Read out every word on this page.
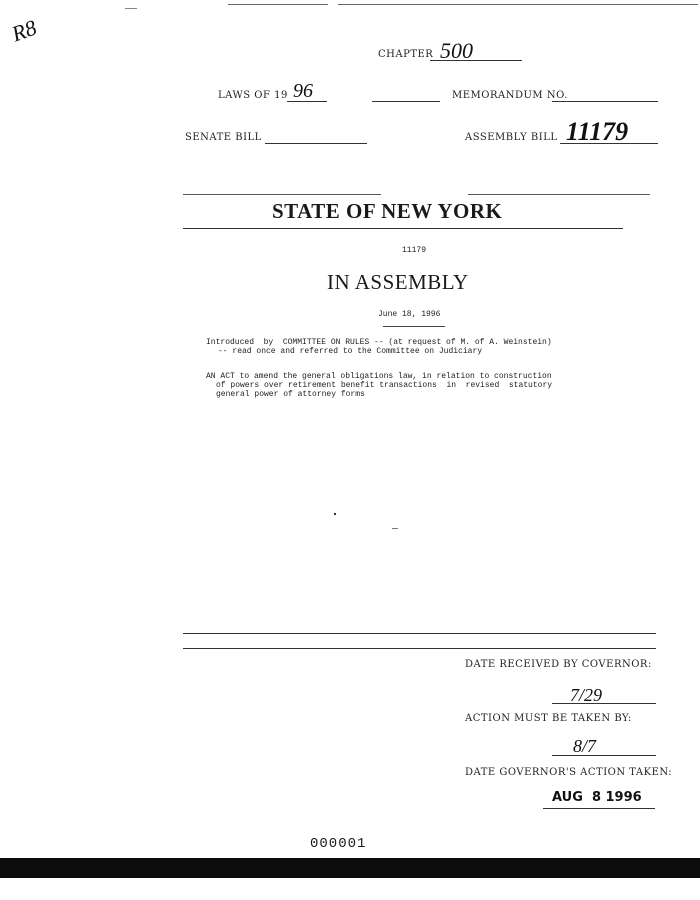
R8
CHAPTER 500
LAWS OF 19 96	MEMORANDUM NO.
SENATE BILL	ASSEMBLY BILL 11179
STATE OF NEW YORK
11179
IN ASSEMBLY
June 18, 1996
Introduced  by  COMMITTEE ON RULES -- (at request of M. of A. Weinstein)
-- read once and referred to the Committee on Judiciary
AN ACT to amend the general obligations law, in relation to construction
of powers over retirement benefit transactions  in  revised  statutory
general power of attorney forms
DATE RECEIVED BY COVERNOR:
7/29
ACTION MUST BE TAKEN BY:
8/7
DATE GOVERNOR'S ACTION TAKEN:
AUG  8 1996
000001
